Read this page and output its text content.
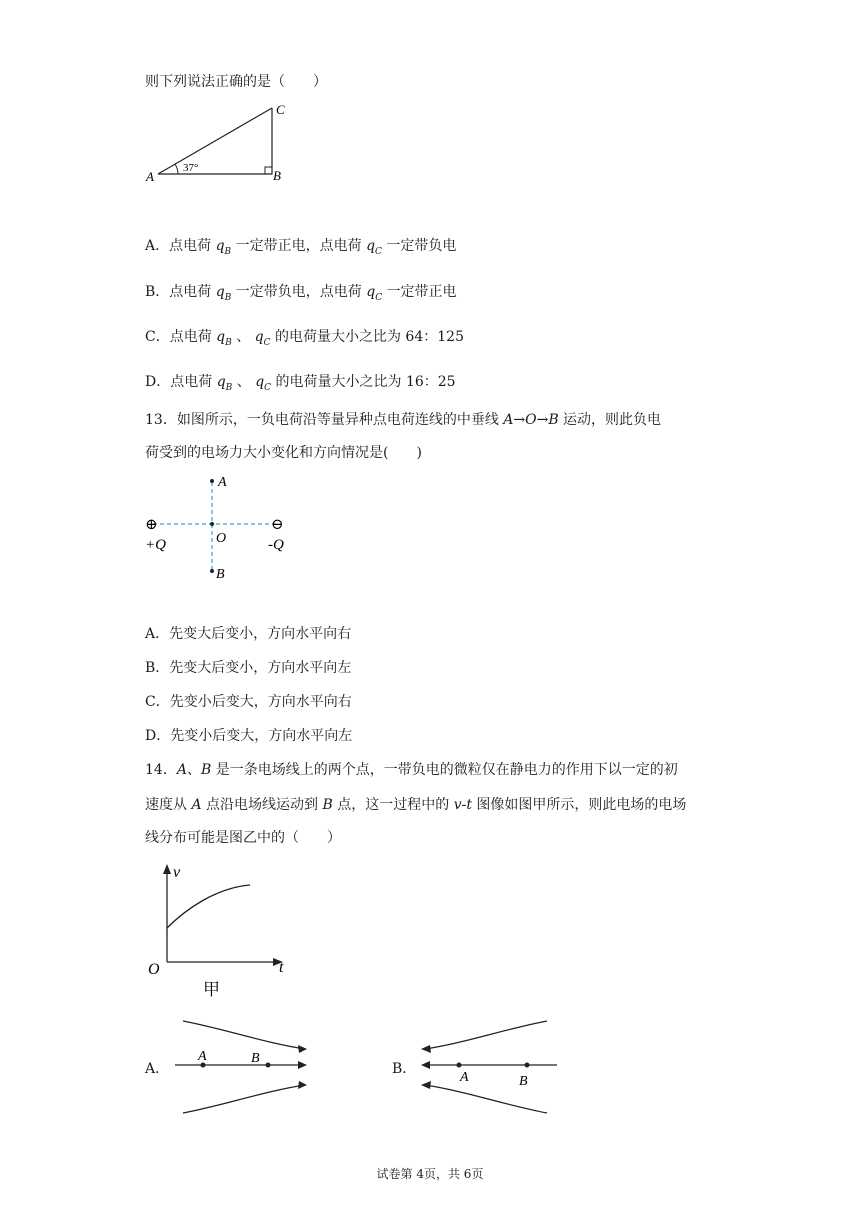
则下列说法正确的是（　　）
A	B
C
37°
A．点电荷 $q_B$ 一定带正电，点电荷 $q_C$ 一定带负电
B．点电荷 $q_B$ 一定带负电，点电荷 $q_C$ 一定带正电
C．点电荷 $q_B$ 、 $q_C$ 的电荷量大小之比为 64：125
D．点电荷 $q_B$ 、 $q_C$ 的电荷量大小之比为 16：25
13．如图所示，一负电荷沿等量异种点电荷连线的中垂线 A→O→B 运动，则此负电
荷受到的电场力大小变化和方向情况是(　　)
⊕	⊖
+Q	-Q
O
A
B
A．先变大后变小，方向水平向右
B．先变大后变小，方向水平向左
C．先变小后变大，方向水平向右
D．先变小后变大，方向水平向左
14．A、B 是一条电场线上的两个点，一带负电的微粒仅在静电力的作用下以一定的初
速度从 A 点沿电场线运动到 B 点，这一过程中的 v-t 图像如图甲所示，则此电场的电场
线分布可能是图乙中的（　　）
v
t
O
甲
A．
A	B
B．
A	B
试卷第 4页，共 6页
